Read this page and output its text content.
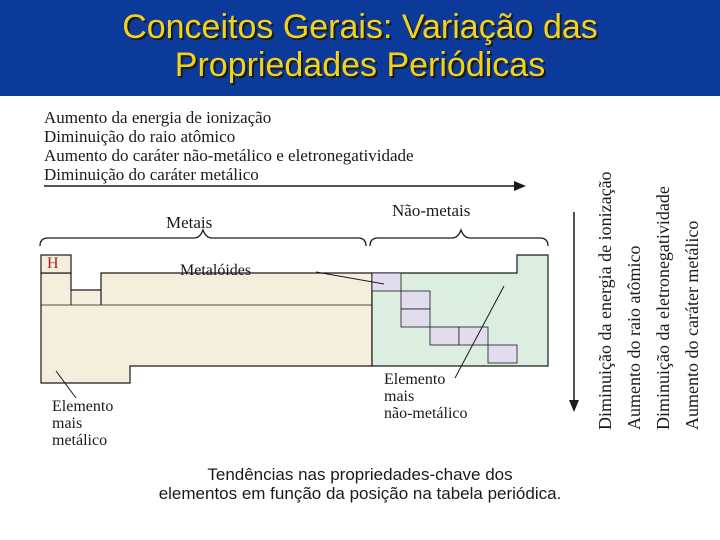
Conceitos Gerais: Variação das
Propriedades Periódicas
Aumento da energia de ionização
Diminuição do raio atômico
Aumento do caráter não-metálico e eletronegatividade
Diminuição do caráter metálico	Diminuição da energia de ionização Aumento do raio atômico Diminuição da eletronegatividade Aumento do caráter metálico
Metais
Não-metais
Metalóides
H
Elemento
mais
metálico
Elemento
mais
não-metálico
Tendências nas propriedades-chave dos
elementos em função da posição na tabela periódica.
